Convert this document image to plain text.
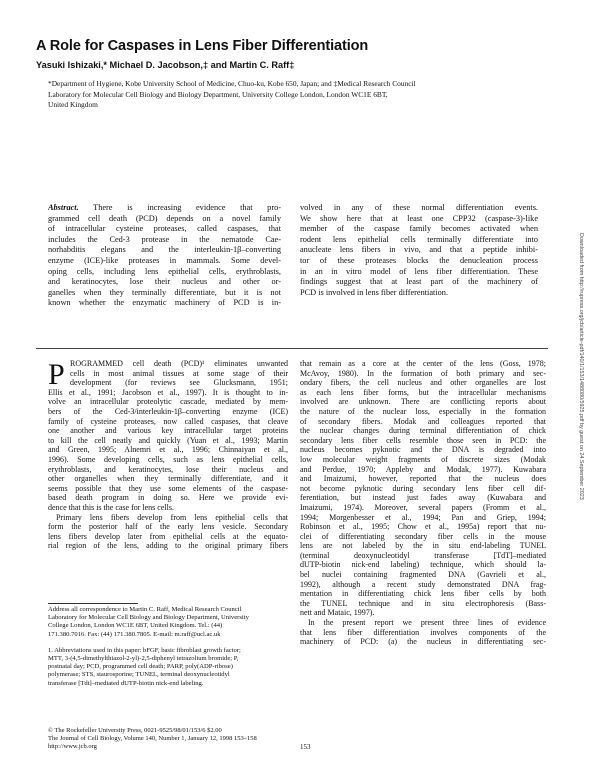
A Role for Caspases in Lens Fiber Differentiation
Yasuki Ishizaki,* Michael D. Jacobson,‡ and Martin C. Raff‡
*Department of Hygiene, Kobe University School of Medicine, Chuo-ku, Kobe 650, Japan; and ‡Medical Research Council
Laboratory for Molecular Cell Biology and Biology Department, University College London, London WC1E 6BT,
United Kingdom
Abstract. There is increasing evidence that pro-
grammed cell death (PCD) depends on a novel family
of intracellular cysteine proteases, called caspases, that
includes the Ced-3 protease in the nematode Cae-
norhabditis elegans and the interleukin-1β–converting
enzyme (ICE)-like proteases in mammals. Some devel-
oping cells, including lens epithelial cells, erythroblasts,
and keratinocytes, lose their nucleus and other or-
ganelles when they terminally differentiate, but it is not
known whether the enzymatic machinery of PCD is in-
volved in any of these normal differentiation events.
We show here that at least one CPP32 (caspase-3)-like
member of the caspase family becomes activated when
rodent lens epithelial cells terminally differentiate into
anucleate lens fibers in vivo, and that a peptide inhibi-
tor of these proteases blocks the denucleation process
in an in vitro model of lens fiber differentiation. These
findings suggest that at least part of the machinery of
PCD is involved in lens fiber differentiation.
P ROGRAMMED cell death (PCD)¹ eliminates unwanted
cells in most animal tissues at some stage of their
development (for reviews see Glucksmann, 1951;
Ellis et al., 1991; Jacobson et al., 1997). It is thought to in-
volve an intracellular proteolytic cascade, mediated by mem-
bers of the Ced-3/interleukin-1β–converting enzyme (ICE)
family of cysteine proteases, now called caspases, that cleave
one another and various key intracellular target proteins
to kill the cell neatly and quickly (Yuan et al., 1993; Martin
and Green, 1995; Alnemri et al., 1996; Chinnaiyan et al.,
1996). Some developing cells, such as lens epithelial cells,
erythroblasts, and keratinocytes, lose their nucleus and
other organelles when they terminally differentiate, and it
seems possible that they use some elements of the caspase-
based death program in doing so. Here we provide evi-
dence that this is the case for lens cells.
Primary lens fibers develop from lens epithelial cells that
form the posterior half of the early lens vesicle. Secondary
lens fibers develop later from epithelial cells at the equato-
rial region of the lens, adding to the original primary fibers
that remain as a core at the center of the lens (Goss, 1978;
McAvoy, 1980). In the formation of both primary and sec-
ondary fibers, the cell nucleus and other organelles are lost
as each lens fiber forms, but the intracellular mechanisms
involved are unknown. There are conflicting reports about
the nature of the nuclear loss, especially in the formation
of secondary fibers. Modak and colleagues reported that
the nuclear changes during terminal differentiation of chick
secondary lens fiber cells resemble those seen in PCD: the
nucleus becomes pyknotic and the DNA is degraded into
low molecular weight fragments of discrete sizes (Modak
and Perdue, 1970; Appleby and Modak, 1977). Kuwabara
and Imaizumi, however, reported that the nucleus does
not become pyknotic during secondary lens fiber cell dif-
ferentiation, but instead just fades away (Kuwabara and
Imaizumi, 1974). Moreover, several papers (Fromm et al.,
1994; Morgenbesser et al., 1994; Pan and Griep, 1994;
Robinson et al., 1995; Chow et al., 1995a) report that nu-
clei of differentiating secondary fiber cells in the mouse
lens are not labeled by the in situ end-labeling TUNEL
(terminal deoxynucleotidyl transferase [TdT]–mediated
dUTP-biotin nick-end labeling) technique, which should la-
bel nuclei containing fragmented DNA (Gavrieli et al.,
1992), although a recent study demonstrated DNA frag-
mentation in differentiating chick lens fiber cells by both
the TUNEL technique and in situ electrophoresis (Bass-
nett and Mataic, 1997).
In the present report we present three lines of evidence
that lens fiber differentiation involves components of the
machinery of PCD: (a) the nucleus in differentiating sec-
Address all correspondence to Martin C. Raff, Medical Research Council
Laboratory for Molecular Cell Biology and Biology Department, University
College London, London WC1E 6BT, United Kingdom. Tel.: (44)
171.380.7016. Fax: (44) 171.380.7805. E-mail: m.raff@ucl.ac.uk
1. Abbreviations used in this paper: bFGF, basic fibroblast growth factor;
MTT, 3-(4,5-dimethylthiazol-2-yl)-2,5-diphenyl tetrazolium bromide; P,
postnatal day; PCD, programmed cell death; PARP, poly(ADP-ribose)
polymerase; STS, staurosporine; TUNEL, terminal deoxynucleotidyl
transferase [Tdt]–mediated dUTP-biotin nick-end labeling.
© The Rockefeller University Press, 0021-9525/98/01/153/6 $2.00
The Journal of Cell Biology, Volume 140, Number 1, January 12, 1998 153–158
http://www.jcb.org	153
Downloaded from http://rupress.org/jcb/article-pdf/140/1/153/1488080/5925.pdf by guest on 24 September 2023
